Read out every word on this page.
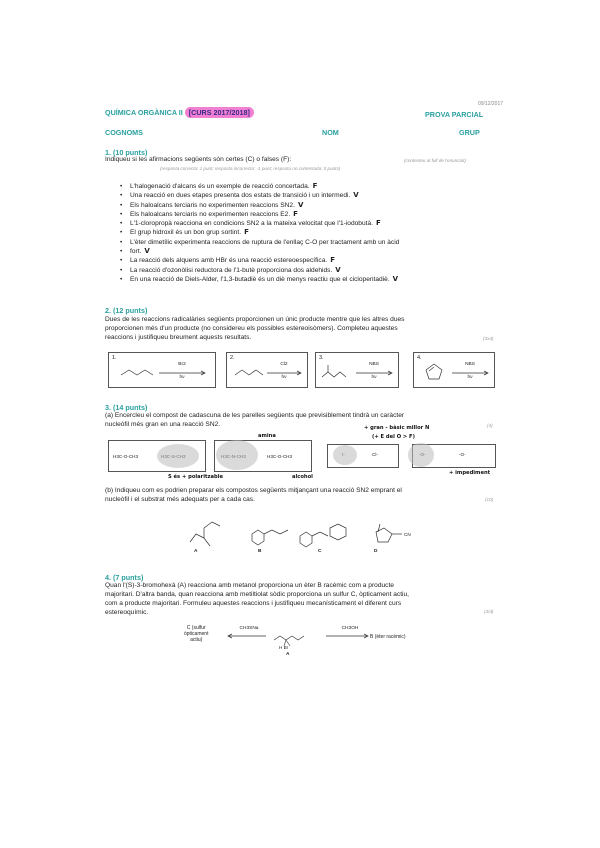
09/12/2017
QUÍMICA ORGÀNICA II [CURS 2017/2018]	PROVA PARCIAL
COGNOMS	NOM	GRUP
1. (10 punts)
Indiqueu si les afirmacions següents són certes (C) o falses (F):	(contesteu al full de l'enunciat)
(resposta correcta: 1 punt; resposta incorrecta: -1 punt; resposta no contestada: 0 punts)
• L'halogenació d'alcans és un exemple de reacció concertada. F
• Una reacció en dues etapes presenta dos estats de transició i un intermedi. V
• Els haloalcans terciaris no experimenten reaccions SN2. V
• Els haloalcans terciaris no experimenten reaccions E2. F
• L'1-cloropropà reacciona en condicions SN2 a la mateixa velocitat que l'1-iodobutà. F
• El grup hidroxil és un bon grup sortint. F
• L'èter dimetílic experimenta reaccions de ruptura de l'enllaç C-O per tractament amb un àcid
• fort. V
• La reacció dels alquens amb HBr és una reacció estereoespecífica. F
• La reacció d'ozonòlisi reductora de l'1-butè proporciona dos aldehids. V
• En una reacció de Diels-Alder, l'1,3-butadiè és un diè menys reactiu que el ciclopentadiè. V
2. (12 punts)
Dues de les reaccions radicalàries següents proporcionen un únic producte mentre que les altres dues
proporcionen més d'un producte (no considereu els possibles estereoisòmers). Completeu aquestes
reaccions i justifiqueu breument aquests resultats.	(3x4)
1.
Br2
hν
2.
Cl2
hν
3.
NBS
hν
4.
NBS
hν
3. (14 punts)
(a) Encercleu el compost de cadascuna de les parelles següents que previsiblement tindrà un caràcter
nucleòfil més gran en una reacció SN2.	(4)
H3C-O-CH3
S és + polaritzable
H3C-O-CH3
amina
alcohol
Cl-
+ gran - bàsic millor N
(+ E del O > F)
-O-
+ impediment
(b) Indiqueu com es podrien preparar els compostos següents mitjançant una reacció SN2 emprant el
nucleòfil i el substrat més adequats per a cada cas.	(10)
A	B	C	D
CN
4. (7 punts)
Quan l'(S)-3-bromohexà (A) reacciona amb metanol proporciona un èter B racèmic com a producte
majoritari. D'altra banda, quan reacciona amb metiltiolat sòdic proporciona un sulfur C, òpticament actiu,
com a producte majoritari. Formuleu aquestes reaccions i justifiqueu mecanísticament el diferent curs
estereoquímic.	(3/4)
C (sulfur
òpticament
actiu)
CH3SNa	CH3OH
B (èter racèmic)
H Br
A
